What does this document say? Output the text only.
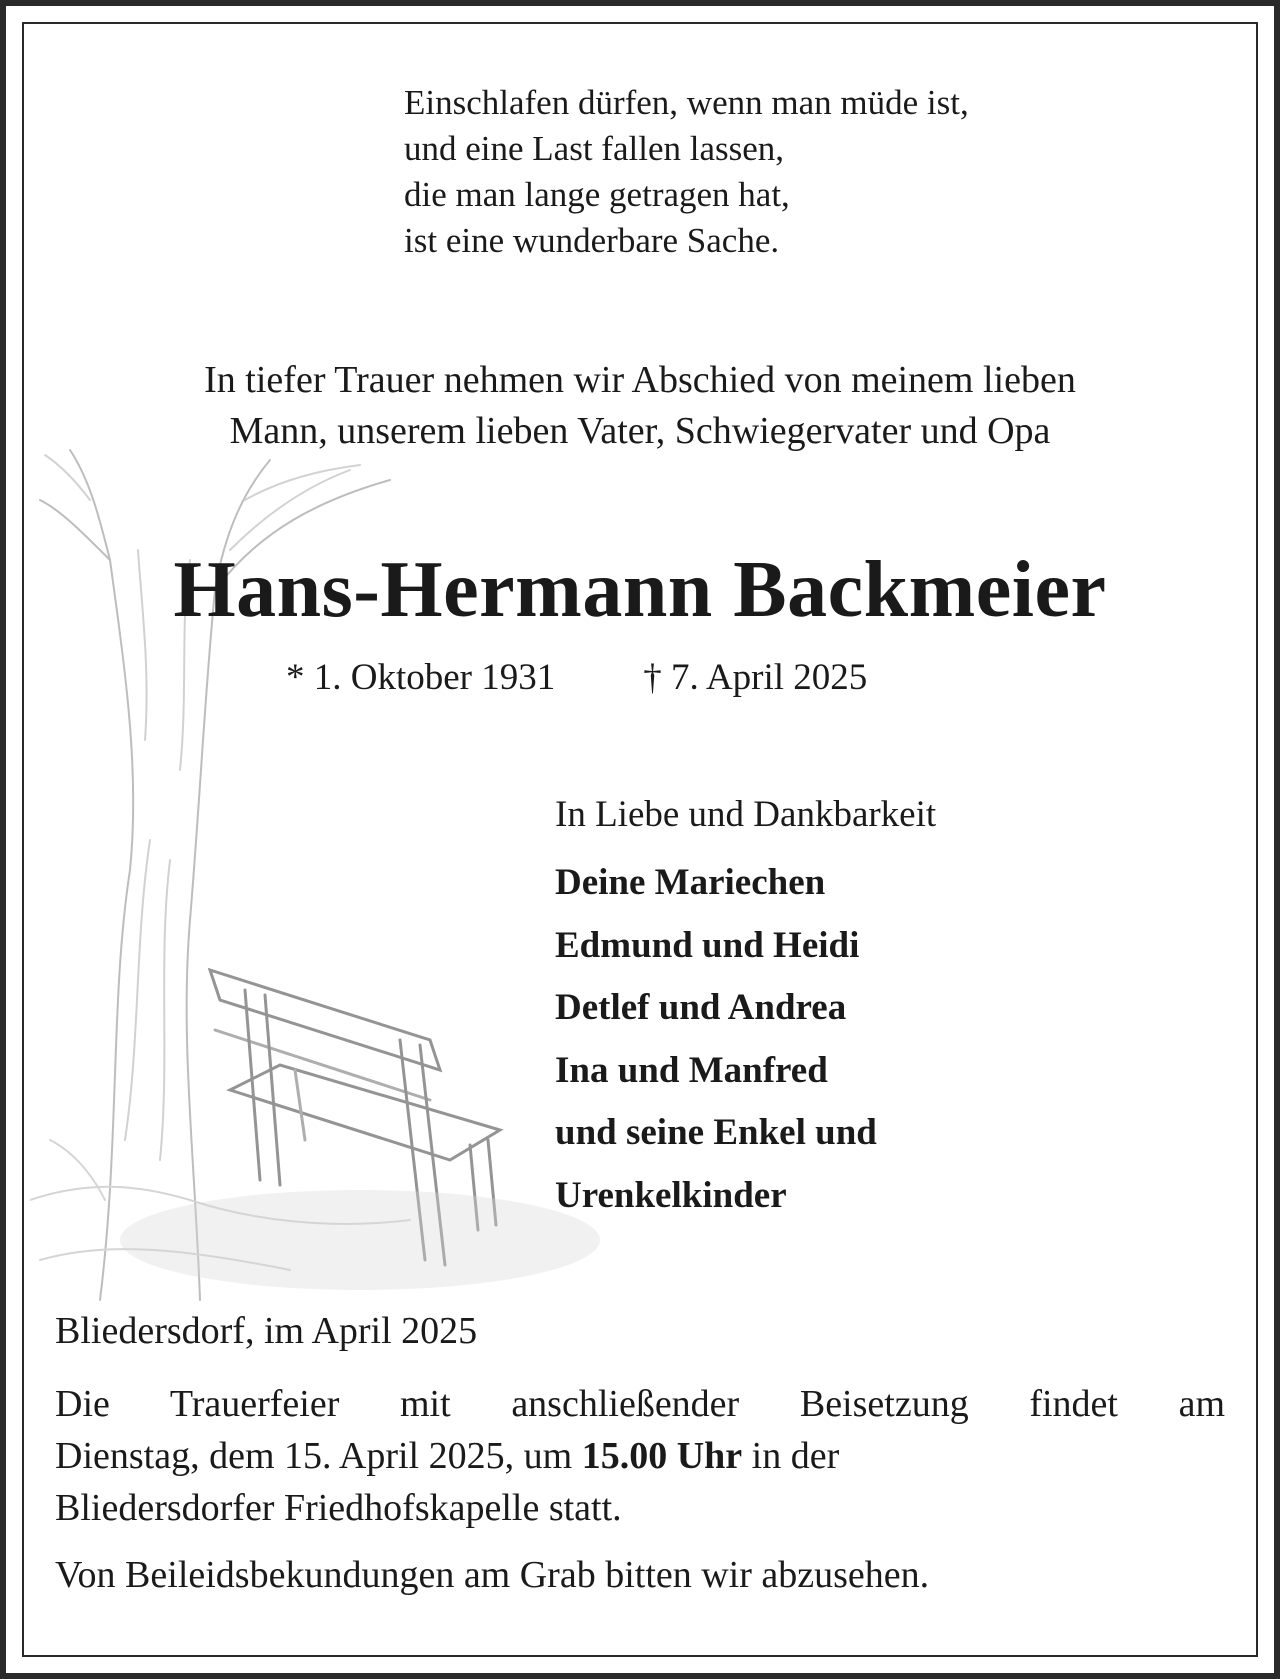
Einschlafen dürfen, wenn man müde ist,
und eine Last fallen lassen,
die man lange getragen hat,
ist eine wunderbare Sache.
In tiefer Trauer nehmen wir Abschied von meinem lieben
Mann, unserem lieben Vater, Schwiegervater und Opa
Hans-Hermann Backmeier
* 1. Oktober 1931 † 7. April 2025
In Liebe und Dankbarkeit
Deine Mariechen
Edmund und Heidi
Detlef und Andrea
Ina und Manfred
und seine Enkel und
Urenkelkinder
Bliedersdorf, im April 2025
Die Trauerfeier mit anschließender Beisetzung findet am
Dienstag, dem 15. April 2025, um 15.00 Uhr in der
Bliedersdorfer Friedhofskapelle statt.
Von Beileidsbekundungen am Grab bitten wir abzusehen.
